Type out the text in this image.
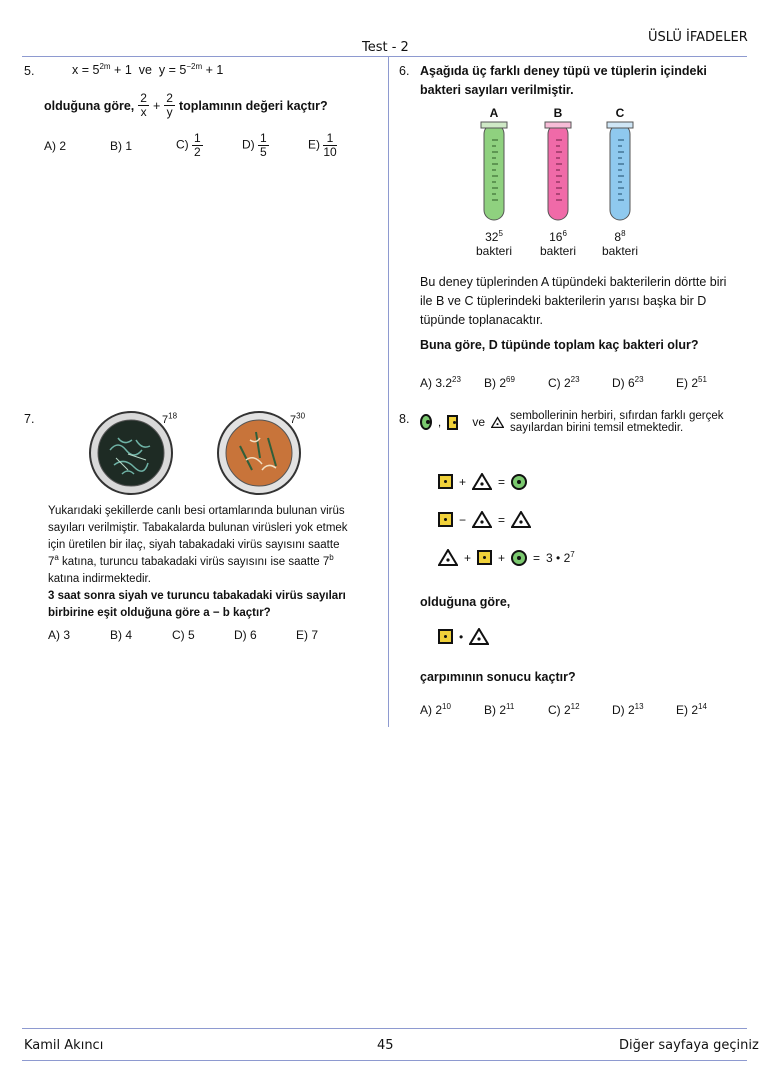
Test - 2
ÜSLÜ İFADELER
5.	$x = 5^{2m} + 1$ ve $y = 5^{-2m} + 1$
olduğuna göre, $\frac{2}{x} + \frac{2}{y}$ toplamının değeri kaçtır?
A) 2	B) 1	$C) \frac{1}{2}$	$D) \frac{1}{5}$	$E) \frac{1}{10}$
6. Aşağıda üç farklı deney tüpü ve tüplerin içindeki bakteri sayıları verilmiştir.
A
$32^5$
bakteri
B
$16^6$
bakteri
C
$8^8$
bakteri
Bu deney tüplerinden A tüpündeki bakterilerin dörtte biri ile B ve C tüplerindeki bakterilerin yarısı başka bir D tüpünde toplanacaktır.
Buna göre, D tüpünde toplam kaç bakteri olur?
A) $3.2^{23}$	B) $2^{69}$	C) $2^{23}$	D) $6^{23}$	E) $2^{51}$
7.	$7^{18}$	$7^{30}$
Yukarıdaki şekillerde canlı besi ortamlarında bulunan virüs sayıları verilmiştir. Tabakalarda bulunan virüsleri yok etmek için üretilen bir ilaç, siyah tabakadaki virüs sayısını saatte 7$^a$ katına, turuncu tabakadaki virüs sayısını ise saatte 7$^b$ katına indirmektedir.
3 saat sonra siyah ve turuncu tabakadaki virüs sayıları birbirine eşit olduğuna göre a − b kaçtır?
A) 3	B) 4	C) 5	D) 6	E) 7
8. ,	ve sembollerinin herbiri, sıfırdan farklı gerçek sayılardan birini temsil etmektedir.
+	=
−	=
+ + = 3 • $2^7$
olduğuna göre,
•
çarpımının sonucu kaçtır?
A) $2^{10}$	B) $2^{11}$	C) $2^{12}$	D) $2^{13}$	E) $2^{14}$
Kamil Akıncı	45	Diğer sayfaya geçiniz
